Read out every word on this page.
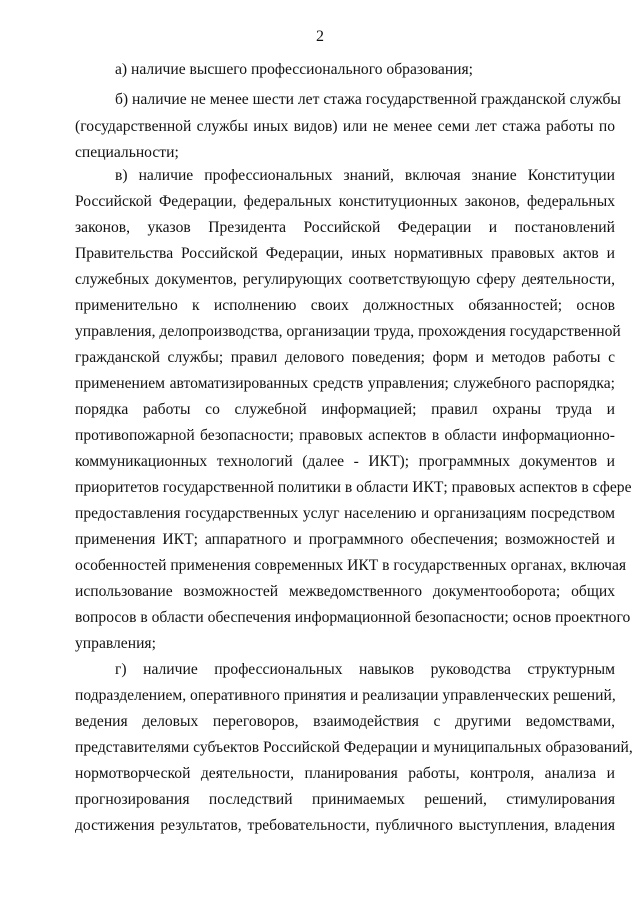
2
а) наличие высшего профессионального образования;
б) наличие не менее шести лет стажа государственной гражданской службы
(государственной службы иных видов) или не менее семи лет стажа работы по
специальности;
в) наличие профессиональных знаний, включая знание Конституции
Российской Федерации, федеральных конституционных законов, федеральных
законов, указов Президента Российской Федерации и постановлений
Правительства Российской Федерации, иных нормативных правовых актов и
служебных документов, регулирующих соответствующую сферу деятельности,
применительно к исполнению своих должностных обязанностей; основ
управления, делопроизводства, организации труда, прохождения государственной
гражданской службы; правил делового поведения; форм и методов работы с
применением автоматизированных средств управления; служебного распорядка;
порядка работы со служебной информацией; правил охраны труда и
противопожарной безопасности; правовых аспектов в области информационно-
коммуникационных технологий (далее - ИКТ); программных документов и
приоритетов государственной политики в области ИКТ; правовых аспектов в сфере
предоставления государственных услуг населению и организациям посредством
применения ИКТ; аппаратного и программного обеспечения; возможностей и
особенностей применения современных ИКТ в государственных органах, включая
использование возможностей межведомственного документооборота; общих
вопросов в области обеспечения информационной безопасности; основ проектного
управления;
г) наличие профессиональных навыков руководства структурным
подразделением, оперативного принятия и реализации управленческих решений,
ведения деловых переговоров, взаимодействия с другими ведомствами,
представителями субъектов Российской Федерации и муниципальных образований,
нормотворческой деятельности, планирования работы, контроля, анализа и
прогнозирования последствий принимаемых решений, стимулирования
достижения результатов, требовательности, публичного выступления, владения
